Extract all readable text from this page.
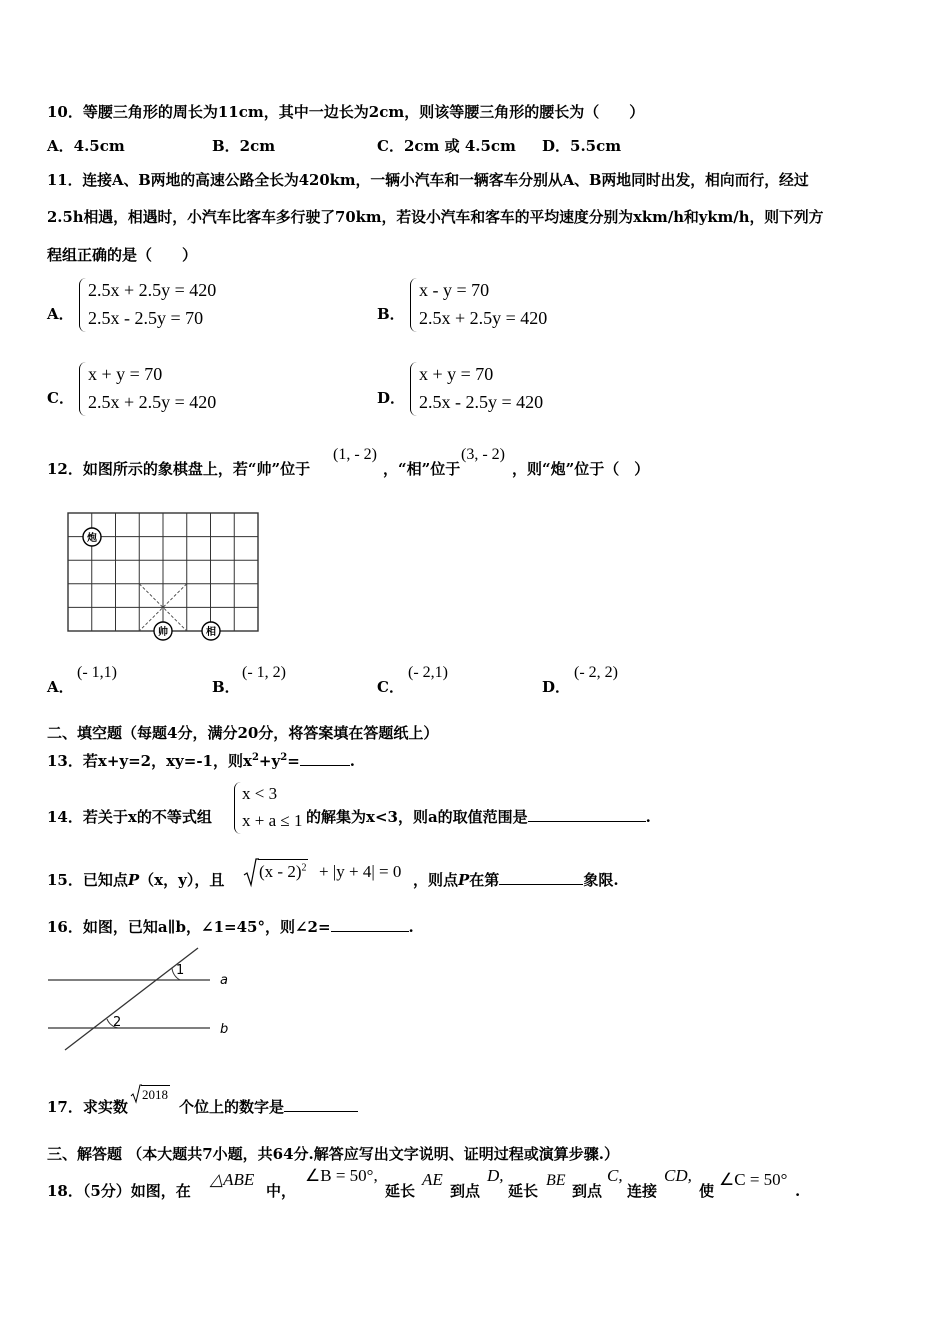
10．等腰三角形的周长为11cm，其中一边长为2cm，则该等腰三角形的腰长为（　　）
A．4.5cm	B．2cm	C．2cm 或 4.5cm D．5.5cm
11．连接A、B两地的高速公路全长为420km，一辆小汽车和一辆客车分别从A、B两地同时出发，相向而行，经过
2.5h相遇，相遇时，小汽车比客车多行驶了70km，若设小汽车和客车的平均速度分别为xkm/h和ykm/h，则下列方
程组正确的是（　　）
A．
2.5x + 2.5y = 420
2.5x - 2.5y = 70	B．
x - y = 70
2.5x + 2.5y = 420
C．
x + y = 70
2.5x + 2.5y = 420	D．
x + y = 70
2.5x - 2.5y = 420
12．如图所示的象棋盘上，若“帅”位于
(1, - 2)
，“相”位于
(3, - 2)
，则“炮”位于（　）
炮
帅	相
A．
(- 1,1)
B．
(- 1, 2)
C．
(- 2,1)
D．
(- 2, 2)
二、填空题（每题4分，满分20分，将答案填在答题纸上）
13．若x+y=2，xy=-1，则$x^2+y^2=$	.
14．若关于x的不等式组
x < 3
x + a ≤ 1 的解集为x<3，则a的取值范围是	.
15．已知点P（x，y），且 (x - 2)$^2$ + |y + 4| = 0 ，则点P在第	象限.
16．如图，已知a∥b，∠1=45°，则∠2=	.
1
2
a
b
17．求实数
2018
个位上的数字是
三、解答题 （本大题共7小题，共64分.解答应写出文字说明、证明过程或演算步骤.）
18．（5分）如图，在
△ABE
中，
∠B = 50°,
延长
AE
到点
D,
延长
BE
到点
C,
连接
CD,
使
∠C = 50°
.
